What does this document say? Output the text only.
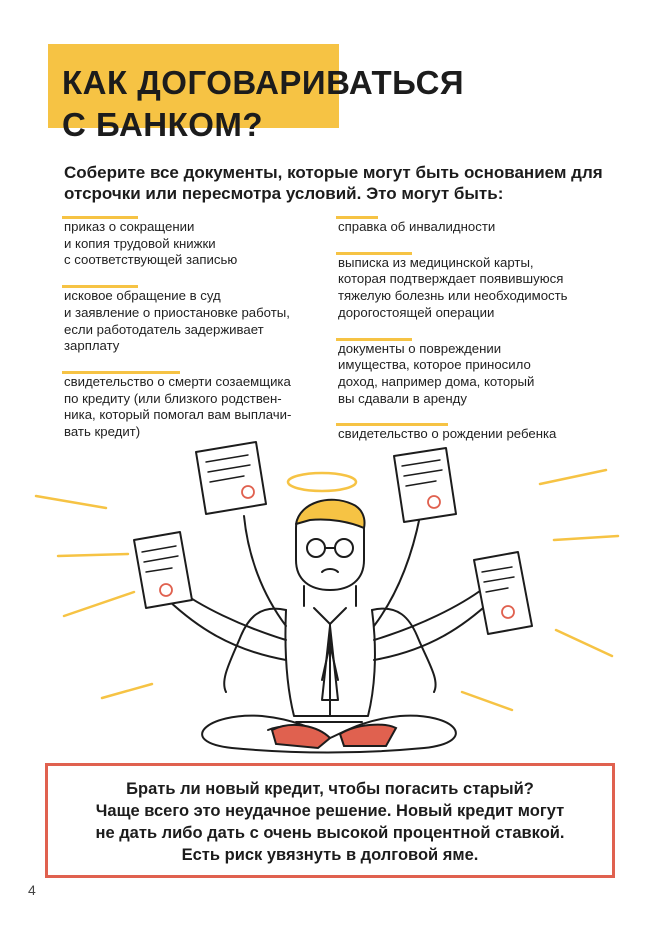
КАК ДОГОВАРИВАТЬСЯ
С БАНКОМ?

Соберите все документы, которые могут быть основанием для отсрочки или пересмотра условий. Это могут быть:

приказ о сокращении
и копия трудовой книжки
с соответствующей записью

исковое обращение в суд
и заявление о приостановке работы,
если работодатель задерживает
зарплату

свидетельство о смерти созаемщика
по кредиту (или близкого родствен-
ника, который помогал вам выплачи-
вать кредит)

справка об инвалидности

выписка из медицинской карты,
которая подтверждает появившуюся
тяжелую болезнь или необходимость
дорогостоящей операции

документы о повреждении
имущества, которое приносило
доход, например дома, который
вы сдавали в аренду

свидетельство о рождении ребенка

Брать ли новый кредит, чтобы погасить старый?
Чаще всего это неудачное решение. Новый кредит могут
не дать либо дать с очень высокой процентной ставкой.
Есть риск увязнуть в долговой яме.

4
